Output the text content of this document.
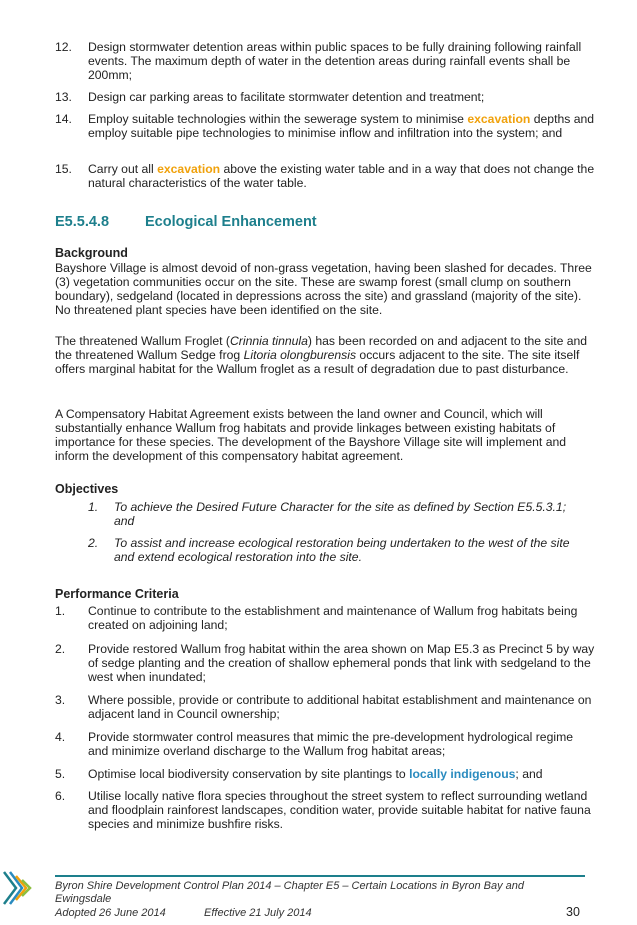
12.	Design stormwater detention areas within public spaces to be fully draining following rainfall events. The maximum depth of water in the detention areas during rainfall events shall be 200mm;
13.	Design car parking areas to facilitate stormwater detention and treatment;
14.	Employ suitable technologies within the sewerage system to minimise excavation depths and employ suitable pipe technologies to minimise inflow and infiltration into the system; and
15.	Carry out all excavation above the existing water table and in a way that does not change the natural characteristics of the water table.
E5.5.4.8 Ecological Enhancement
Background
Bayshore Village is almost devoid of non-grass vegetation, having been slashed for decades. Three (3) vegetation communities occur on the site. These are swamp forest (small clump on southern boundary), sedgeland (located in depressions across the site) and grassland (majority of the site). No threatened plant species have been identified on the site.
The threatened Wallum Froglet (Crinnia tinnula) has been recorded on and adjacent to the site and the threatened Wallum Sedge frog Litoria olongburensis occurs adjacent to the site. The site itself offers marginal habitat for the Wallum froglet as a result of degradation due to past disturbance.
A Compensatory Habitat Agreement exists between the land owner and Council, which will substantially enhance Wallum frog habitats and provide linkages between existing habitats of importance for these species. The development of the Bayshore Village site will implement and inform the development of this compensatory habitat agreement.
Objectives
1. To achieve the Desired Future Character for the site as defined by Section E5.5.3.1; and
2. To assist and increase ecological restoration being undertaken to the west of the site and extend ecological restoration into the site.
Performance Criteria
1.	Continue to contribute to the establishment and maintenance of Wallum frog habitats being created on adjoining land;
2.	Provide restored Wallum frog habitat within the area shown on Map E5.3 as Precinct 5 by way of sedge planting and the creation of shallow ephemeral ponds that link with sedgeland to the west when inundated;
3.	Where possible, provide or contribute to additional habitat establishment and maintenance on adjacent land in Council ownership;
4.	Provide stormwater control measures that mimic the pre-development hydrological regime and minimize overland discharge to the Wallum frog habitat areas;
5.	Optimise local biodiversity conservation by site plantings to locally indigenous; and
6.	Utilise locally native flora species throughout the street system to reflect surrounding wetland and floodplain rainforest landscapes, condition water, provide suitable habitat for native fauna species and minimize bushfire risks.
Byron Shire Development Control Plan 2014 – Chapter E5 – Certain Locations in Byron Bay and
Ewingsdale
Adopted 26 June 2014	Effective 21 July 2014	30
